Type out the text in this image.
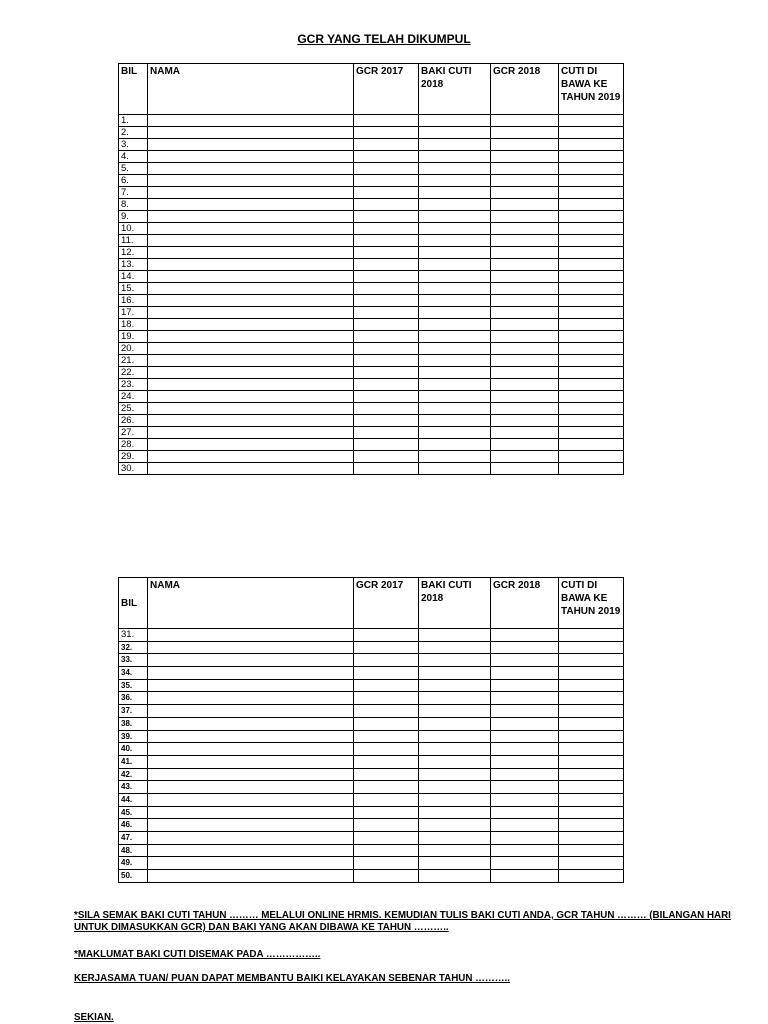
GCR YANG TELAH DIKUMPUL
BIL	NAMA	GCR 2017	BAKI CUTI 2018	GCR 2018	CUTI DI BAWA KE TAHUN 2019
1.					
2.					
3.					
4.					
5.					
6.					
7.					
8.					
9.					
10.					
11.					
12.					
13.					
14.					
15.					
16.					
17.					
18.					
19.					
20.					
21.					
22.					
23.					
24.					
25.					
26.					
27.					
28.					
29.					
30.					
BIL	NAMA	GCR 2017	BAKI CUTI 2018	GCR 2018	CUTI DI BAWA KE TAHUN 2019
31.					
32.					
33.					
34.					
35.					
36.					
37.					
38.					
39.					
40.					
41.					
42.					
43.					
44.					
45.					
46.					
47.					
48.					
49.					
50.					
*SILA SEMAK BAKI CUTI TAHUN ……… MELALUI ONLINE HRMIS. KEMUDIAN TULIS BAKI CUTI ANDA, GCR TAHUN ……… (BILANGAN HARI UNTUK DIMASUKKAN GCR) DAN BAKI YANG AKAN DIBAWA KE TAHUN ………..
*MAKLUMAT BAKI CUTI DISEMAK PADA ……………..
KERJASAMA TUAN/ PUAN DAPAT MEMBANTU BAIKI KELAYAKAN SEBENAR TAHUN ………..
SEKIAN.
